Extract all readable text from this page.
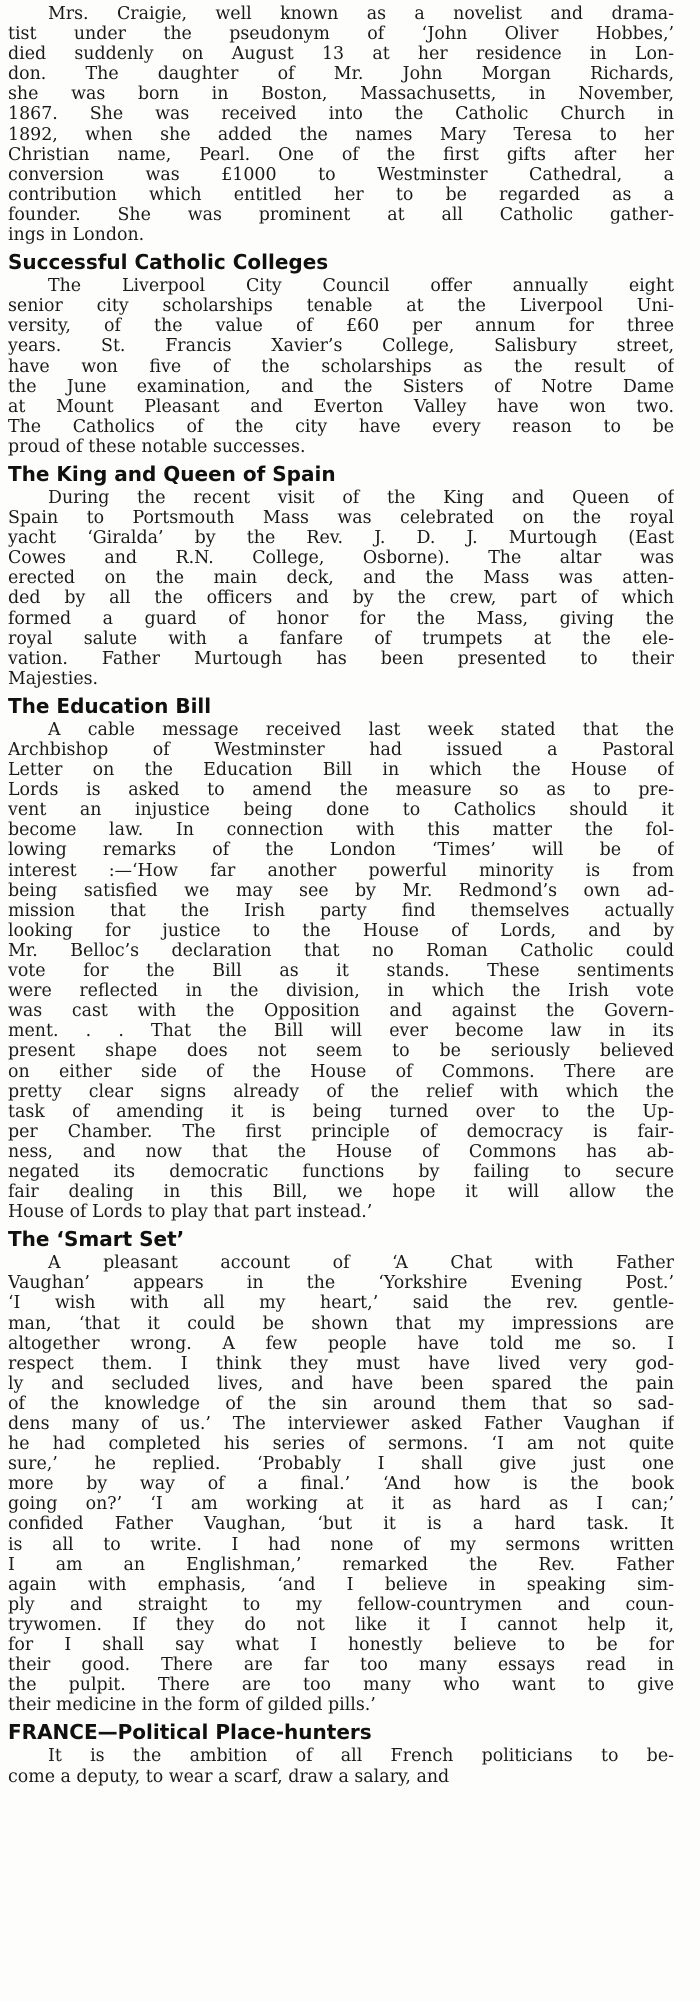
Mrs. Craigie, well known as a novelist and drama-
tist under the pseudonym of ‘John Oliver Hobbes,’
died suddenly on August 13 at her residence in Lon-
don. The daughter of Mr. John Morgan Richards,
she was born in Boston, Massachusetts, in November,
1867. She was received into the Catholic Church in
1892, when she added the names Mary Teresa to her
Christian name, Pearl. One of the first gifts after her
conversion was £1000 to Westminster Cathedral, a
contribution which entitled her to be regarded as a
founder. She was prominent at all Catholic gather-
ings in London.
Successful Catholic Colleges
The Liverpool City Council offer annually eight
senior city scholarships tenable at the Liverpool Uni-
versity, of the value of £60 per annum for three
years. St. Francis Xavier’s College, Salisbury street,
have won five of the scholarships as the result of
the June examination, and the Sisters of Notre Dame
at Mount Pleasant and Everton Valley have won two.
The Catholics of the city have every reason to be
proud of these notable successes.
The King and Queen of Spain
During the recent visit of the King and Queen of
Spain to Portsmouth Mass was celebrated on the royal
yacht ‘Giralda’ by the Rev. J. D. J. Murtough (East
Cowes and R.N. College, Osborne). The altar was
erected on the main deck, and the Mass was atten-
ded by all the officers and by the crew, part of which
formed a guard of honor for the Mass, giving the
royal salute with a fanfare of trumpets at the ele-
vation. Father Murtough has been presented to their
Majesties.
The Education Bill
A cable message received last week stated that the
Archbishop of Westminster had issued a Pastoral
Letter on the Education Bill in which the House of
Lords is asked to amend the measure so as to pre-
vent an injustice being done to Catholics should it
become law. In connection with this matter the fol-
lowing remarks of the London ‘Times’ will be of
interest :—‘How far another powerful minority is from
being satisfied we may see by Mr. Redmond’s own ad-
mission that the Irish party find themselves actually
looking for justice to the House of Lords, and by
Mr. Belloc’s declaration that no Roman Catholic could
vote for the Bill as it stands. These sentiments
were reflected in the division, in which the Irish vote
was cast with the Opposition and against the Govern-
ment. . . That the Bill will ever become law in its
present shape does not seem to be seriously believed
on either side of the House of Commons. There are
pretty clear signs already of the relief with which the
task of amending it is being turned over to the Up-
per Chamber. The first principle of democracy is fair-
ness, and now that the House of Commons has ab-
negated its democratic functions by failing to secure
fair dealing in this Bill, we hope it will allow the
House of Lords to play that part instead.’
The ‘Smart Set’
A pleasant account of ‘A Chat with Father
Vaughan’ appears in the ‘Yorkshire Evening Post.’
‘I wish with all my heart,’ said the rev. gentle-
man, ‘that it could be shown that my impressions are
altogether wrong. A few people have told me so. I
respect them. I think they must have lived very god-
ly and secluded lives, and have been spared the pain
of the knowledge of the sin around them that so sad-
dens many of us.’ The interviewer asked Father Vaughan if
he had completed his series of sermons. ‘I am not quite
sure,’ he replied. ‘Probably I shall give just one
more by way of a final.’ ‘And how is the book
going on?’ ‘I am working at it as hard as I can;’
confided Father Vaughan, ‘but it is a hard task. It
is all to write. I had none of my sermons written
I am an Englishman,’ remarked the Rev. Father
again with emphasis, ‘and I believe in speaking sim-
ply and straight to my fellow-countrymen and coun-
trywomen. If they do not like it I cannot help it,
for I shall say what I honestly believe to be for
their good. There are far too many essays read in
the pulpit. There are too many who want to give
their medicine in the form of gilded pills.’
FRANCE—Political Place-hunters
It is the ambition of all French politicians to be-
come a deputy, to wear a scarf, draw a salary, and
